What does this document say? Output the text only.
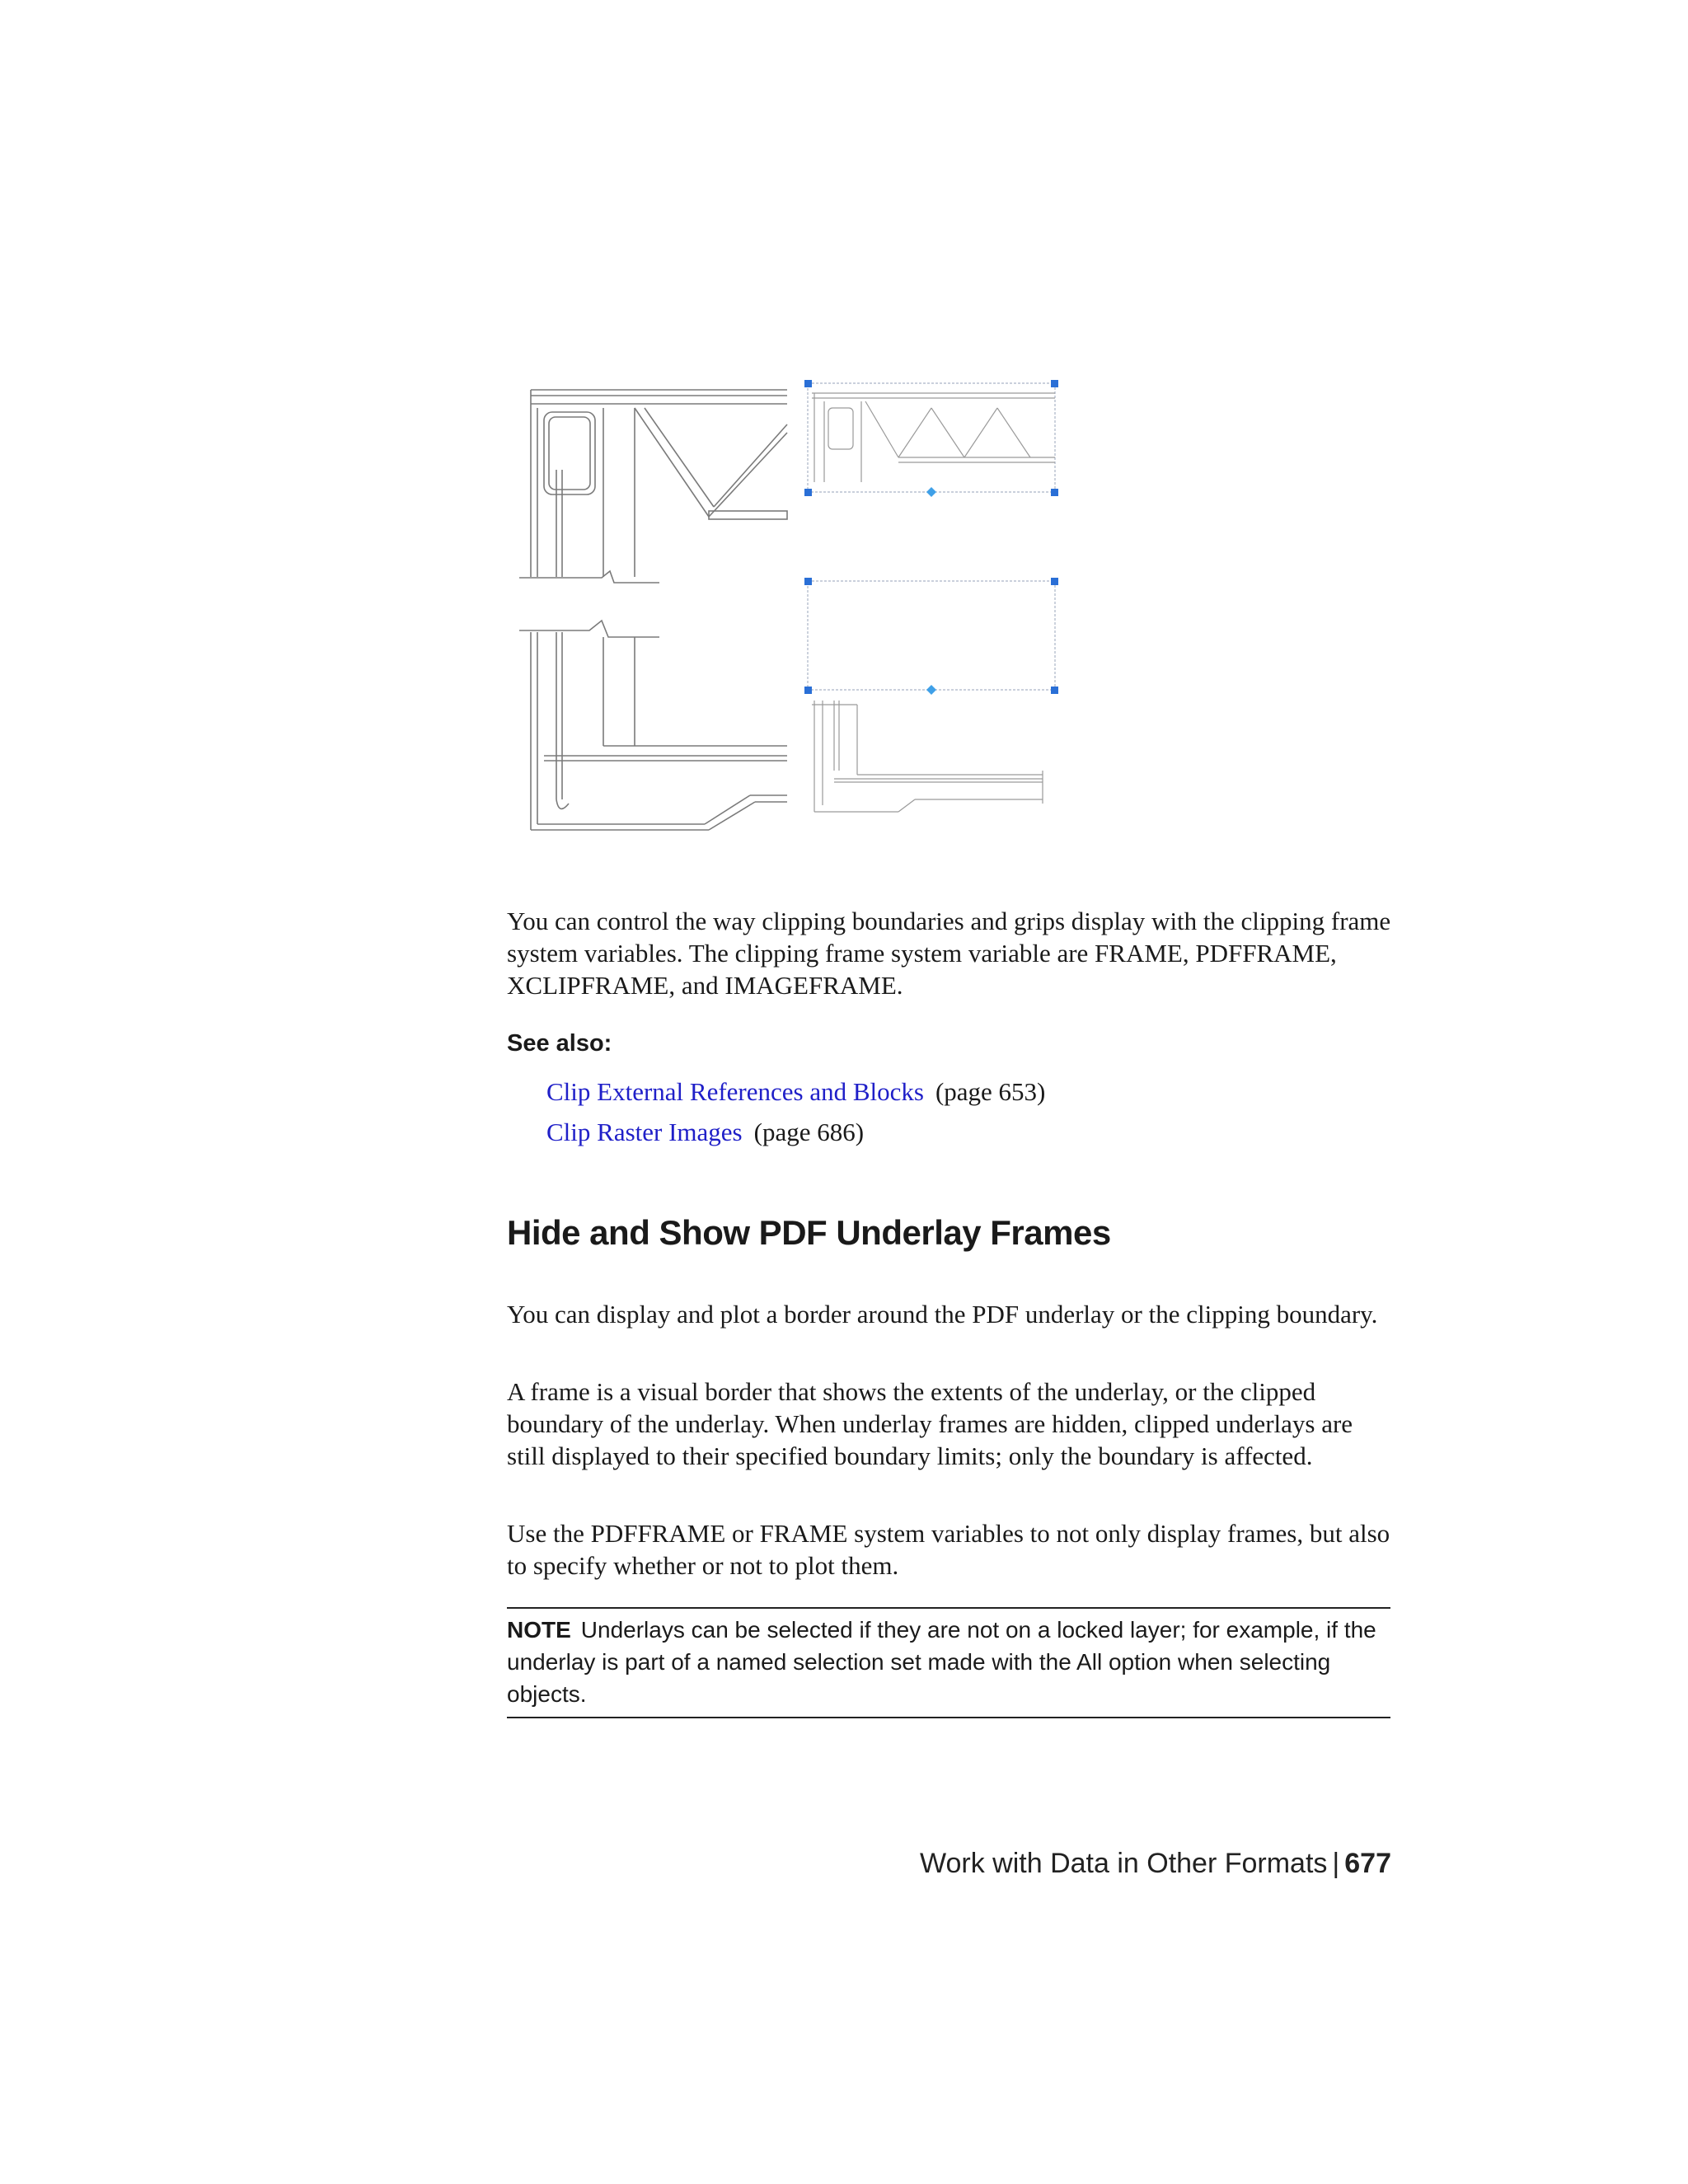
You can control the way clipping boundaries and grips display with the clipping frame system variables. The clipping frame system variable are FRAME, PDFFRAME, XCLIPFRAME, and IMAGEFRAME.

See also:

Clip External References and Blocks (page 653)
Clip Raster Images (page 686)
Hide and Show PDF Underlay Frames

You can display and plot a border around the PDF underlay or the clipping boundary.

A frame is a visual border that shows the extents of the underlay, or the clipped boundary of the underlay. When underlay frames are hidden, clipped underlays are still displayed to their specified boundary limits; only the boundary is affected.

Use the PDFFRAME or FRAME system variables to not only display frames, but also to specify whether or not to plot them.

NOTE Underlays can be selected if they are not on a locked layer; for example, if the underlay is part of a named selection set made with the All option when selecting objects.
Work with Data in Other Formats | 677
